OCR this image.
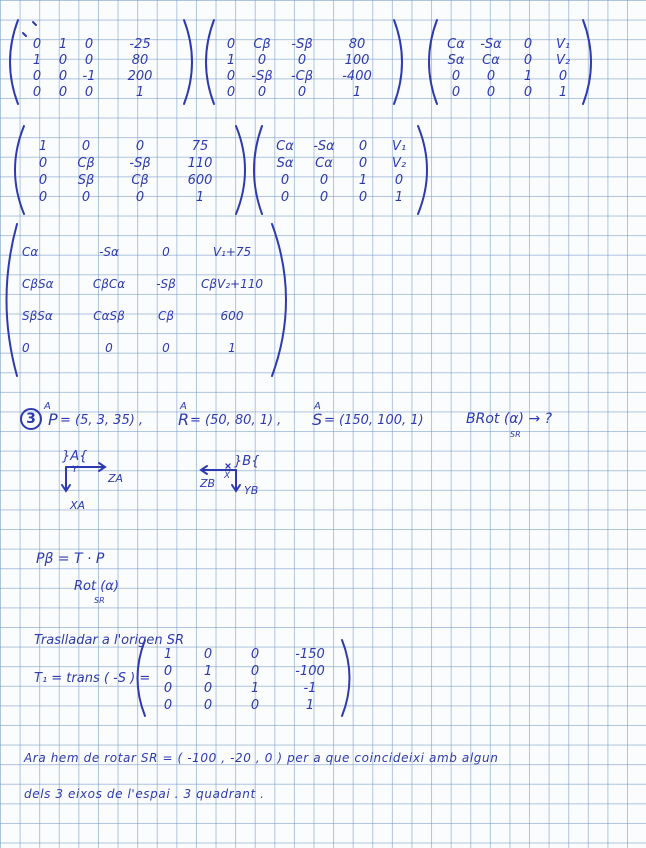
0	1	0	-25
1	0	0	80
0	0	-1	200
0	0	0	1
0	Cβ	-Sβ	80
1	0	0	100
0	-Sβ	-Cβ	-400
0	0	0	1
Cα	-Sα	0	V₁
Sα	Cα	0	V₂
0	0	1	0
0	0	0	1
1	0	0	75
0	Cβ	-Sβ	110
0	Sβ	Cβ	600
0	0	0	1
Cα	-Sα	0	V₁
Sα	Cα	0	V₂
0	0	1	0
0	0	0	1
Cα	-Sα	0	V₁+75
CβSα	CβCα	-Sβ	CβV₂+110
SβSα	CαSβ	Cβ	600
0	0	0	1
3
A
P = (5, 3, 35) ,
A
R = (50, 80, 1) ,
A
S = (150, 100, 1)	BRot (α) → ?
SR
}A{
Y
ZA
XA
}B{
ZB
X
YB
Pβ = T · P
Rot (α)
SR
Traslladar a l'origen SR
T₁ = trans ( -S ) =
1	0	0	-150
0	1	0	-100
0	0	1	-1
0	0	0	1
Ara hem de rotar SR = ( -100 , -20 , 0 ) per a que coincideixi amb algun
dels 3 eixos de l'espai . 3 quadrant .
